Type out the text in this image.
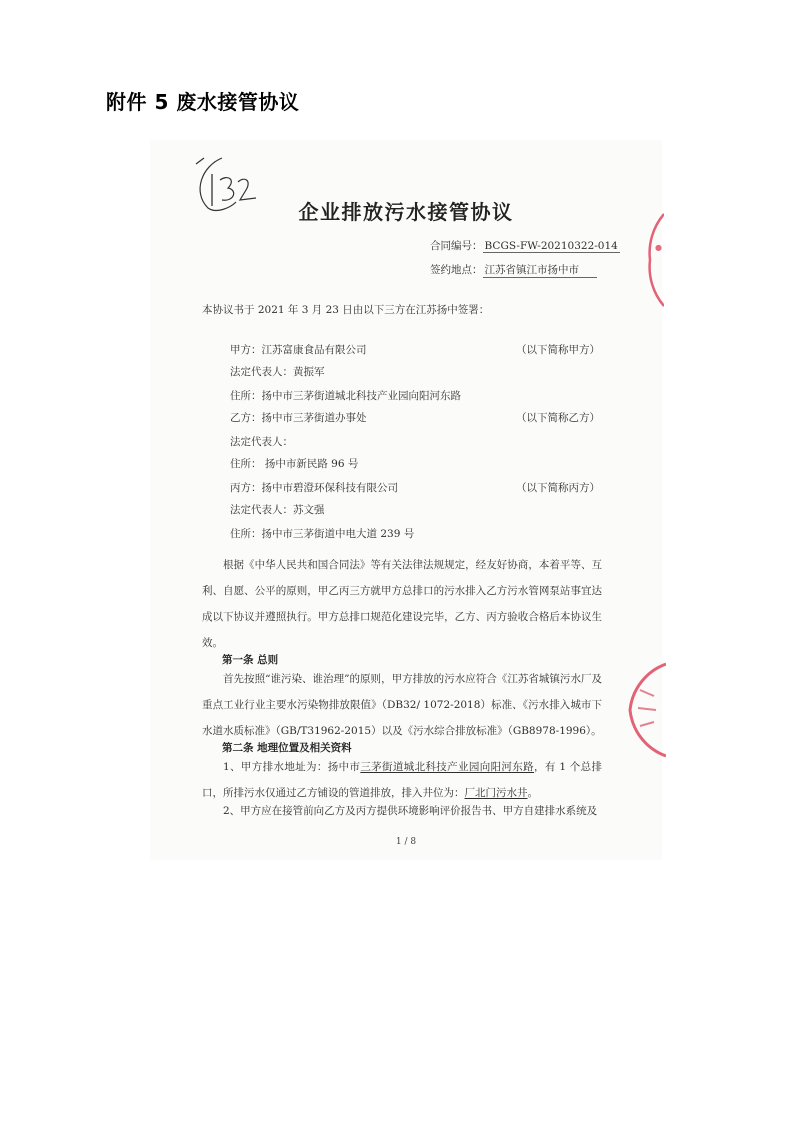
附件 5 废水接管协议
企业排放污水接管协议
合同编号： BCGS-FW-20210322-014
签约地点： 江苏省镇江市扬中市
本协议书于 2021 年 3 月 23 日由以下三方在江苏扬中签署：
甲方：江苏富康食品有限公司	（以下简称甲方）
法定代表人：黄振军
住所：扬中市三茅街道城北科技产业园向阳河东路
乙方：扬中市三茅街道办事处	（以下简称乙方）
法定代表人：
住所： 扬中市新民路 96 号
丙方：扬中市碧澄环保科技有限公司	（以下简称丙方）
法定代表人：苏文强
住所：扬中市三茅街道中电大道 239 号

根据《中华人民共和国合同法》等有关法律法规规定，经友好协商，本着平等、互利、自愿、公平的原则，甲乙丙三方就甲方总排口的污水排入乙方污水管网泵站事宜达成以下协议并遵照执行。甲方总排口规范化建设完毕，乙方、丙方验收合格后本协议生效。

第一条 总则

首先按照“谁污染、谁治理”的原则，甲方排放的污水应符合《江苏省城镇污水厂及重点工业行业主要水污染物排放限值》（DB32/ 1072-2018）标准、《污水排入城市下水道水质标准》（GB/T31962-2015）以及《污水综合排放标准》（GB8978-1996）。

第二条 地理位置及相关资料

1、甲方排水地址为：扬中市三茅街道城北科技产业园向阳河东路，有 1 个总排口，所排污水仅通过乙方铺设的管道排放，排入井位为：厂北门污水井。

2、甲方应在接管前向乙方及丙方提供环境影响评价报告书、甲方自建排水系统及

1 / 8
●
